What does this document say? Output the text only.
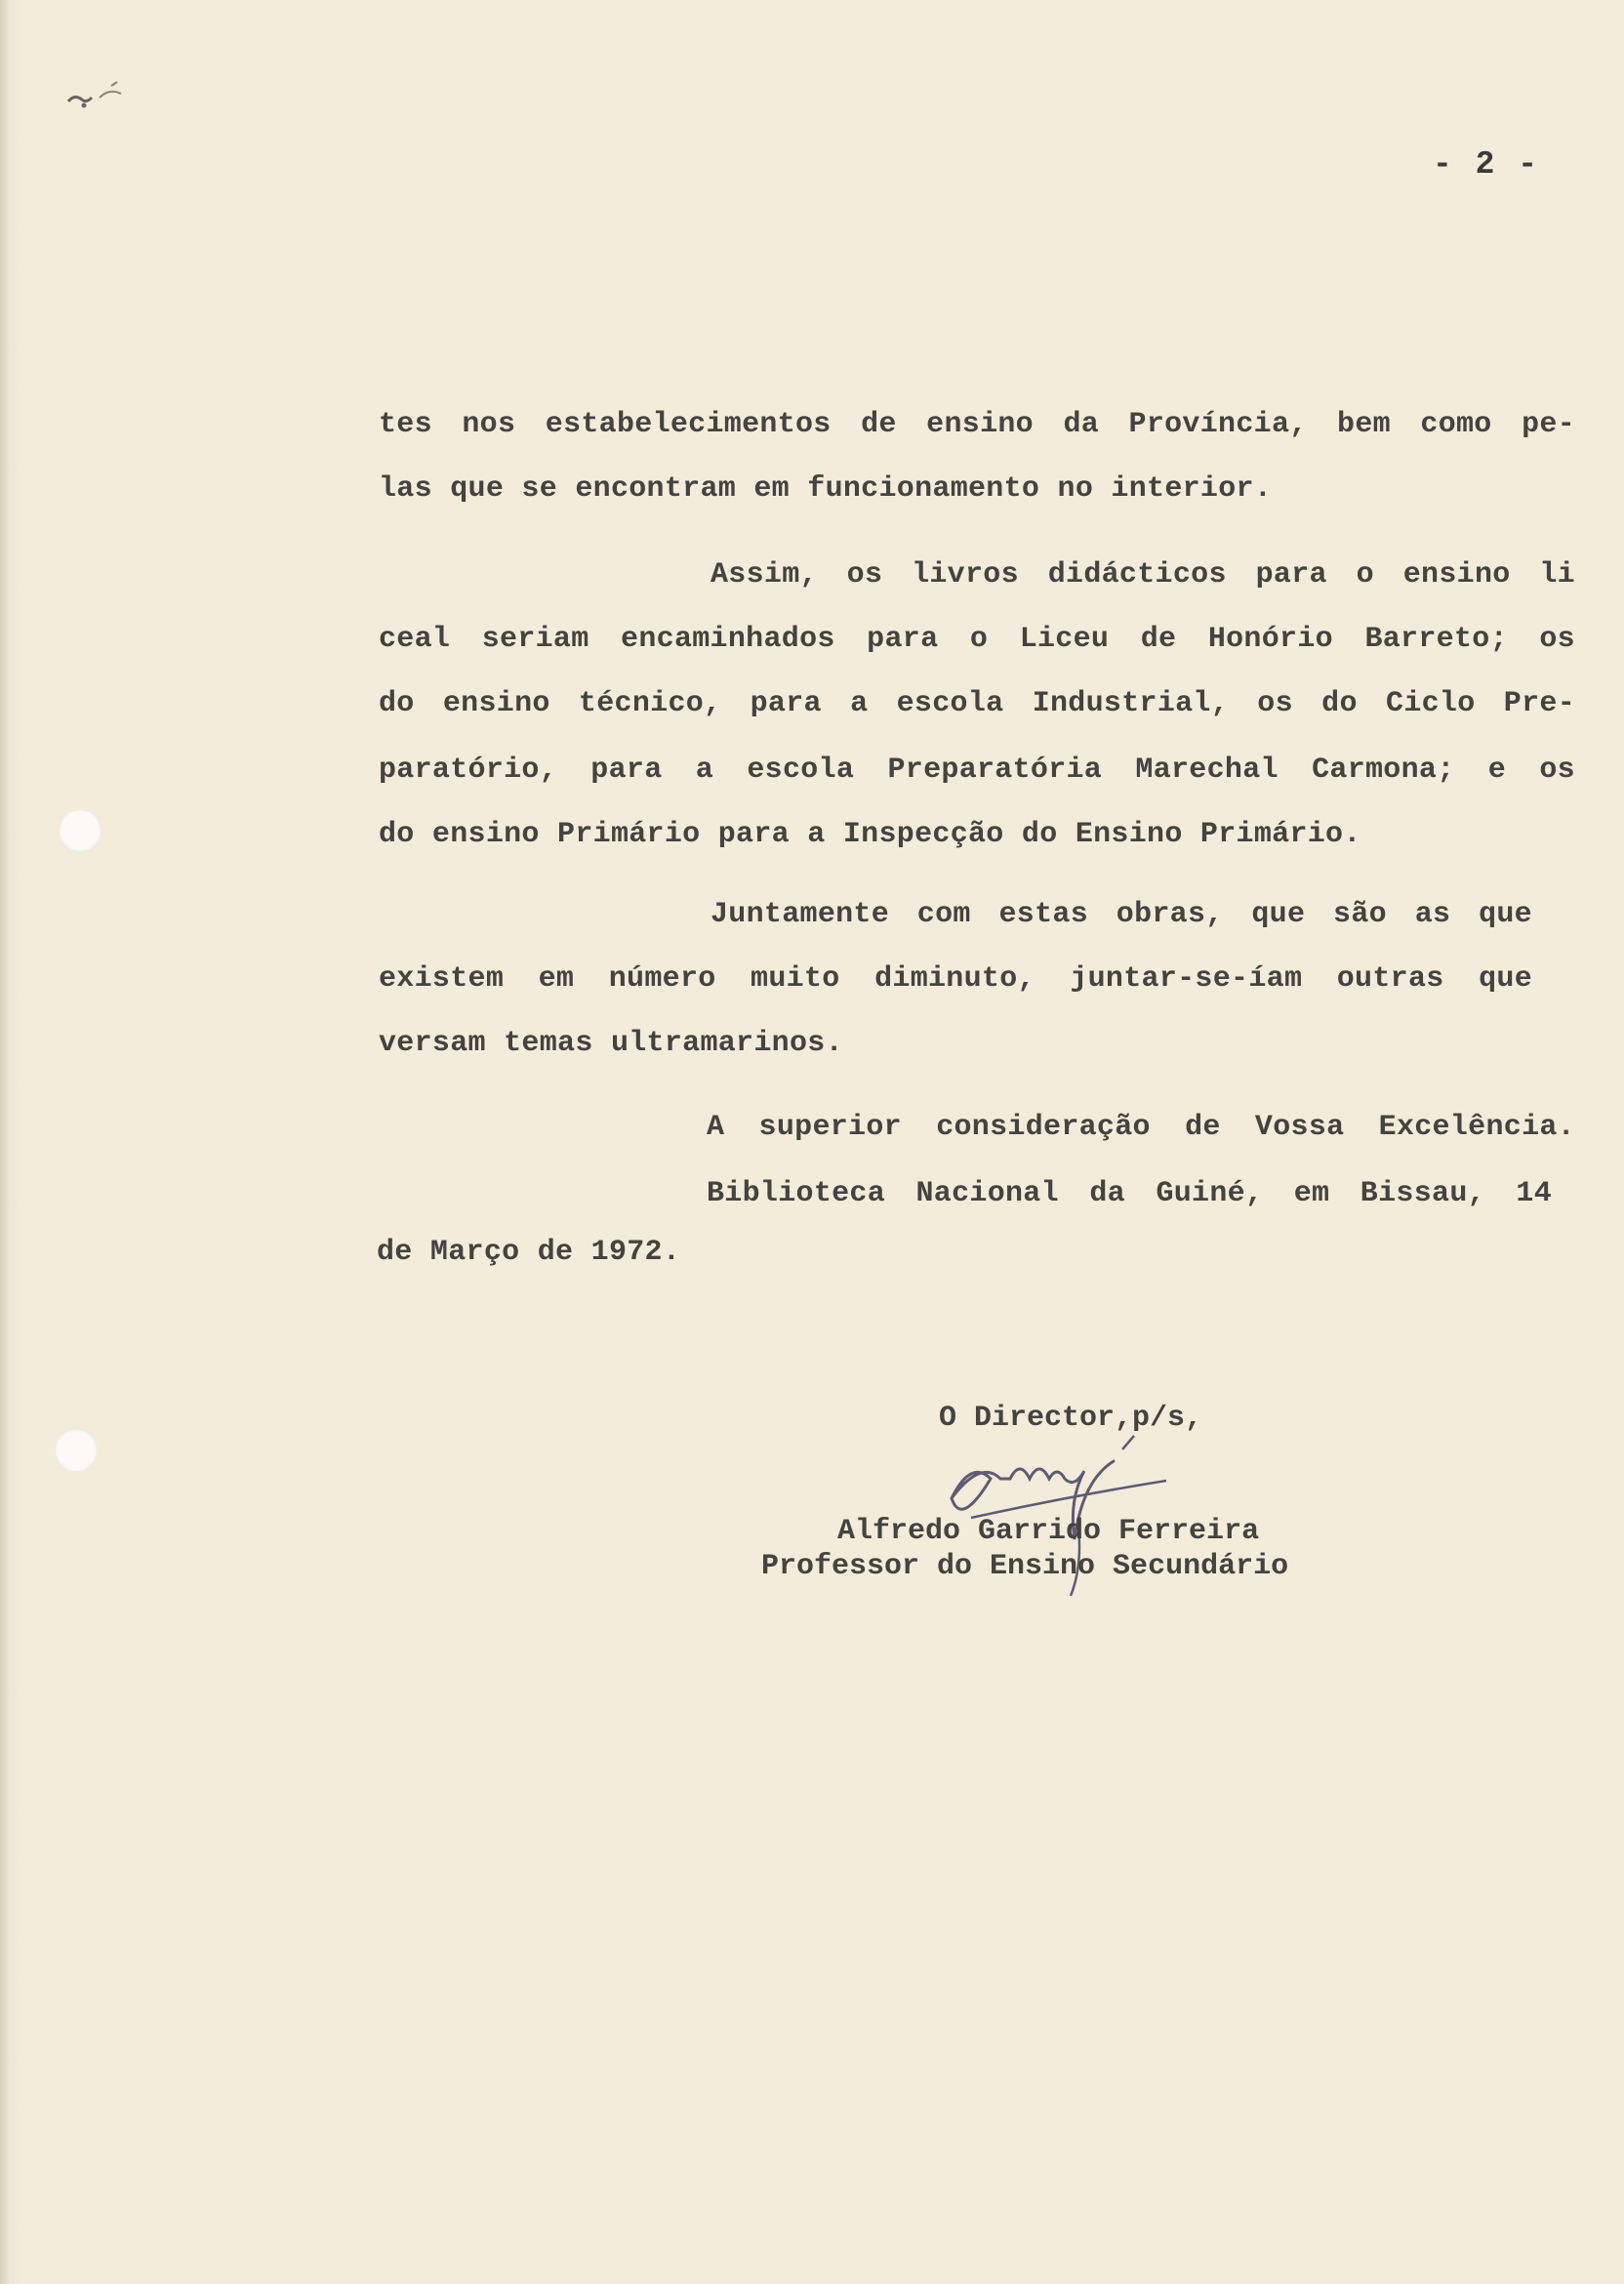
- 2 -
tes nos estabelecimentos de ensino da Província, bem como pe-
las que se encontram em funcionamento no interior.
Assim, os livros didácticos para o ensino li
ceal seriam encaminhados para o Liceu de Honório Barreto; os
do ensino técnico, para a escola Industrial, os do Ciclo Pre-
paratório, para a escola Preparatória Marechal Carmona; e os
do ensino Primário para a Inspecção do Ensino Primário.
Juntamente com estas obras, que são as que
existem em número muito diminuto, juntar-se-íam outras que
versam temas ultramarinos.
A superior consideração de Vossa Excelência.
Biblioteca Nacional da Guiné, em Bissau, 14
de Março de 1972.
O Director,p/s,
Alfredo Garrido Ferreira
Professor do Ensino Secundário
